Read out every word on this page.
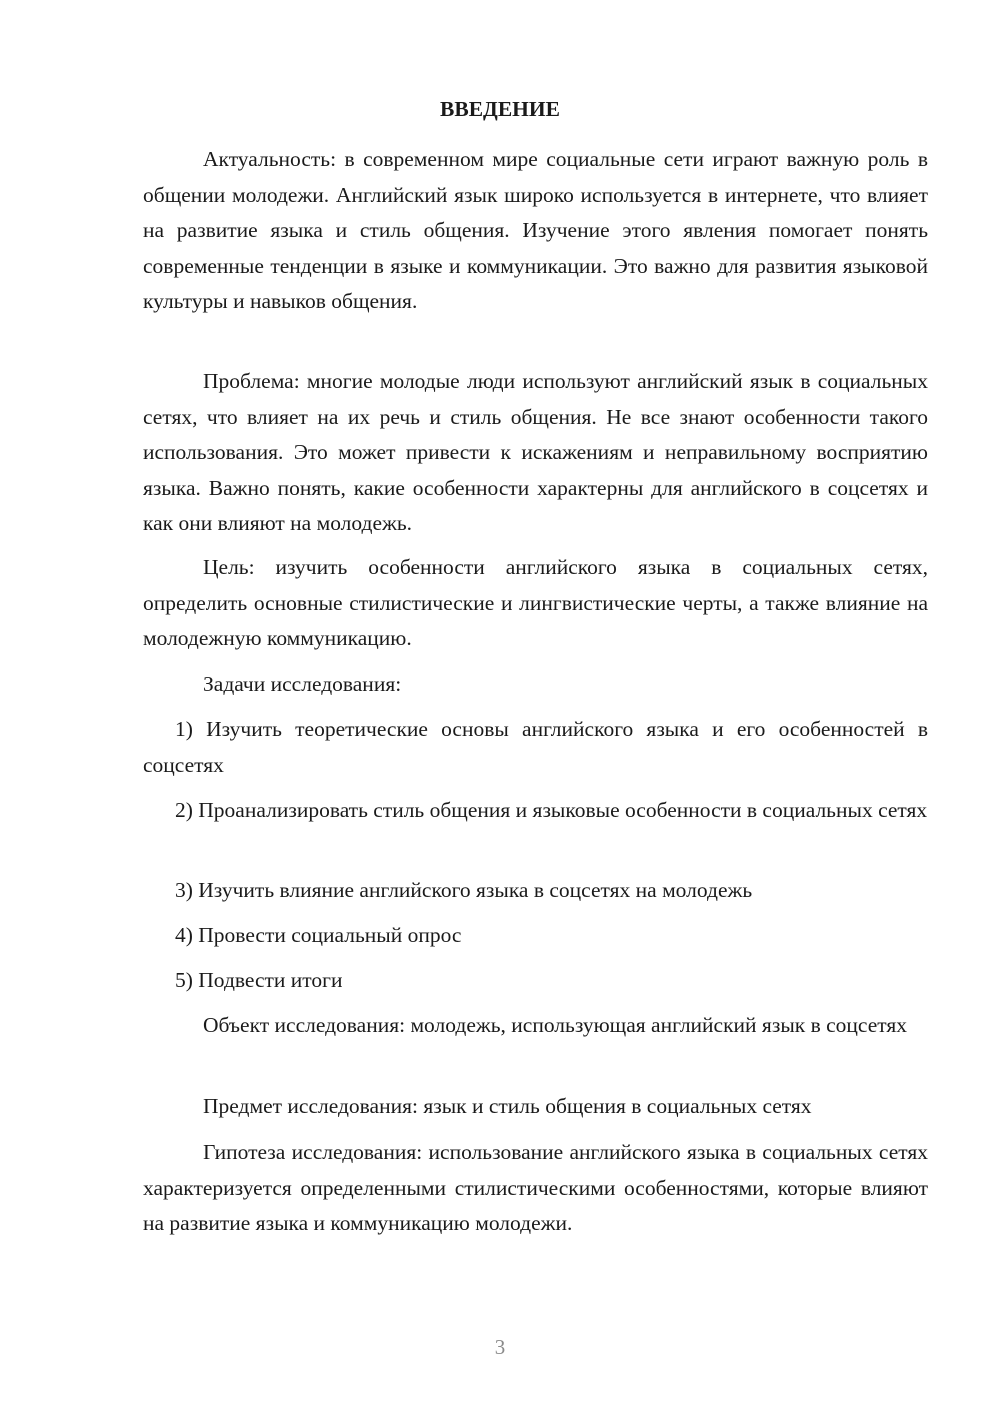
ВВЕДЕНИЕ

Актуальность: в современном мире социальные сети играют важную роль в общении молодежи. Английский язык широко используется в интернете, что влияет на развитие языка и стиль общения. Изучение этого явления помогает понять современные тенденции в языке и коммуникации. Это важно для развития языковой культуры и навыков общения.

Проблема: многие молодые люди используют английский язык в социальных сетях, что влияет на их речь и стиль общения. Не все знают особенности такого использования. Это может привести к искажениям и неправильному восприятию языка. Важно понять, какие особенности характерны для английского в соцсетях и как они влияют на молодежь.

Цель: изучить особенности английского языка в социальных сетях, определить основные стилистические и лингвистические черты, а также влияние на молодежную коммуникацию.

Задачи исследования:

1) Изучить теоретические основы английского языка и его особенностей в соцсетях

2) Проанализировать стиль общения и языковые особенности в социальных сетях

3) Изучить влияние английского языка в соцсетях на молодежь

4) Провести социальный опрос

5) Подвести итоги

Объект исследования: молодежь, использующая английский язык в соцсетях

Предмет исследования: язык и стиль общения в социальных сетях

Гипотеза исследования: использование английского языка в социальных сетях характеризуется определенными стилистическими особенностями, которые влияют на развитие языка и коммуникацию молодежи.

3
